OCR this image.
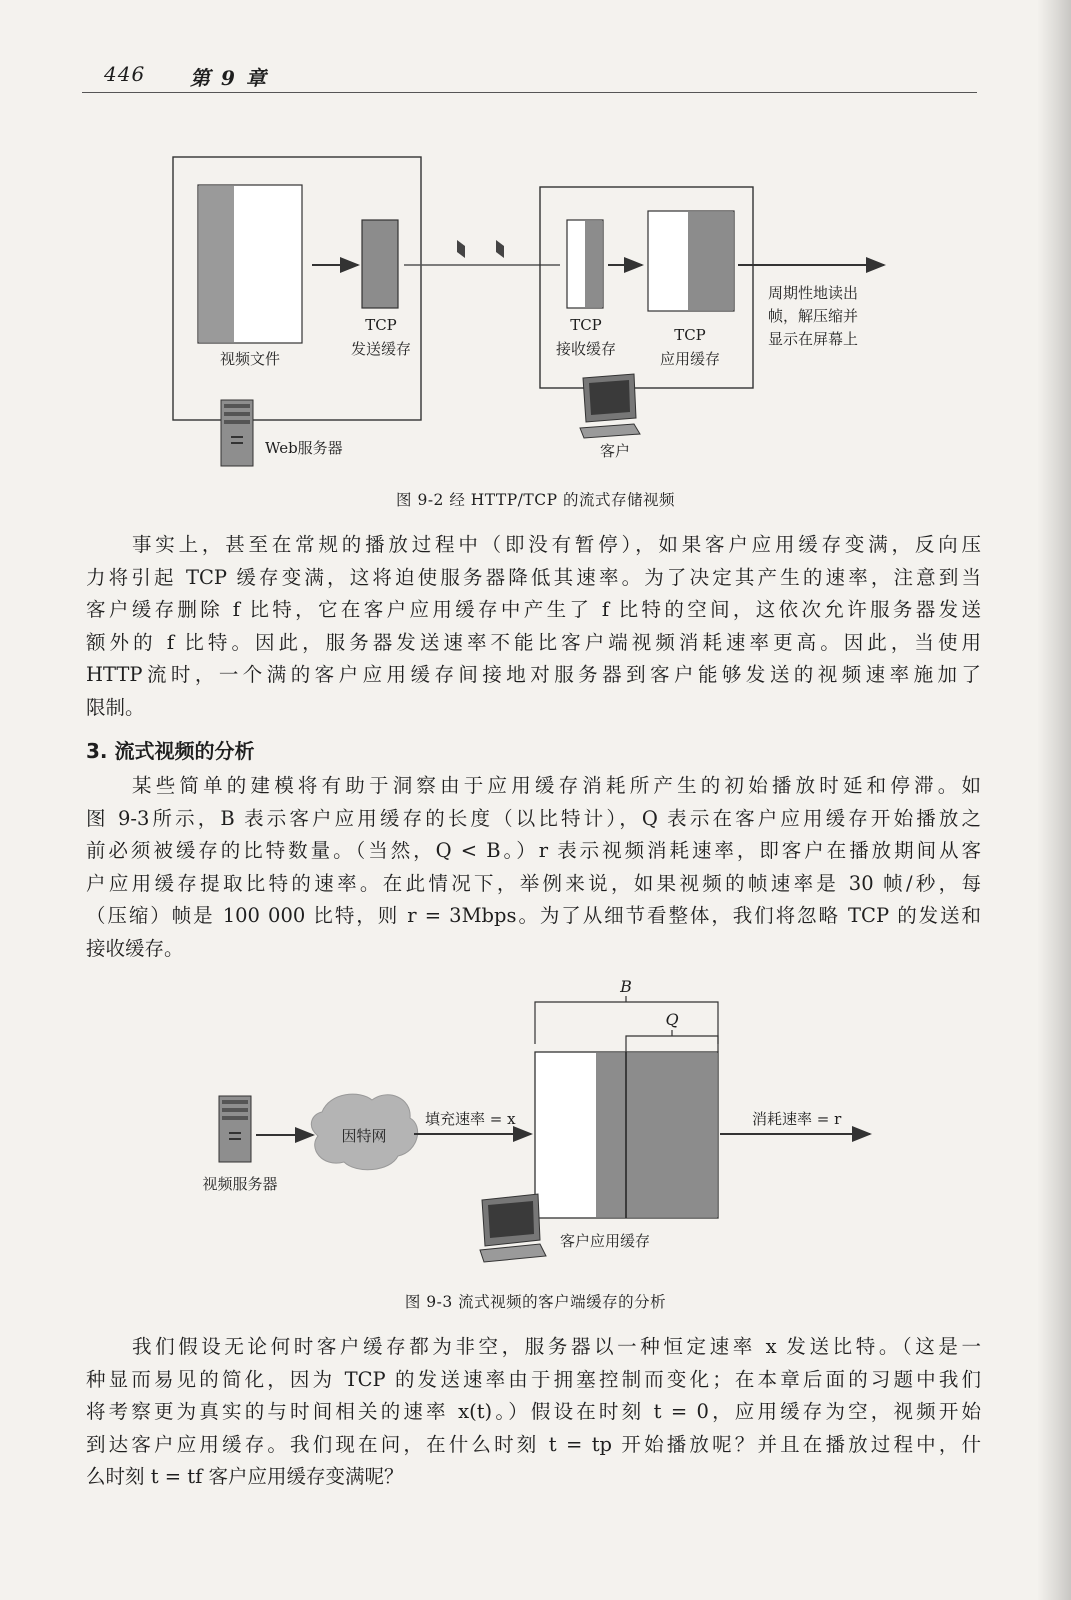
446 第 9 章
视频文件
TCP
发送缓存
Web服务器
TCP
接收缓存
TCP
应用缓存
周期性地读出
帧，解压缩并
显示在屏幕上
客户
图 9-2 经 HTTP/TCP 的流式存储视频
事实上，甚至在常规的播放过程中（即没有暂停），如果客户应用缓存变满，反向压
力将引起 TCP 缓存变满，这将迫使服务器降低其速率。为了决定其产生的速率，注意到当
客户缓存删除 f 比特，它在客户应用缓存中产生了 f 比特的空间，这依次允许服务器发送
额外的 f 比特。因此，服务器发送速率不能比客户端视频消耗速率更高。因此，当使用
HTTP流时，一个满的客户应用缓存间接地对服务器到客户能够发送的视频速率施加了
限制。
3. 流式视频的分析
某些简单的建模将有助于洞察由于应用缓存消耗所产生的初始播放时延和停滞。如
图 9-3所示，B 表示客户应用缓存的长度（以比特计），Q 表示在客户应用缓存开始播放之
前必须被缓存的比特数量。（当然，Q < B。）r 表示视频消耗速率，即客户在播放期间从客
户应用缓存提取比特的速率。在此情况下，举例来说，如果视频的帧速率是 30 帧/秒，每
（压缩）帧是 100 000 比特，则 r = 3Mbps。为了从细节看整体，我们将忽略 TCP 的发送和
接收缓存。
B
Q
视频服务器
因特网
填充速率 = x	消耗速率 = r
客户应用缓存
图 9-3 流式视频的客户端缓存的分析
我们假设无论何时客户缓存都为非空，服务器以一种恒定速率 x 发送比特。（这是一
种显而易见的简化，因为 TCP 的发送速率由于拥塞控制而变化；在本章后面的习题中我们
将考察更为真实的与时间相关的速率 x(t)。）假设在时刻 t = 0，应用缓存为空，视频开始
到达客户应用缓存。我们现在问，在什么时刻 t = tp 开始播放呢？并且在播放过程中，什
么时刻 t = tf 客户应用缓存变满呢？
